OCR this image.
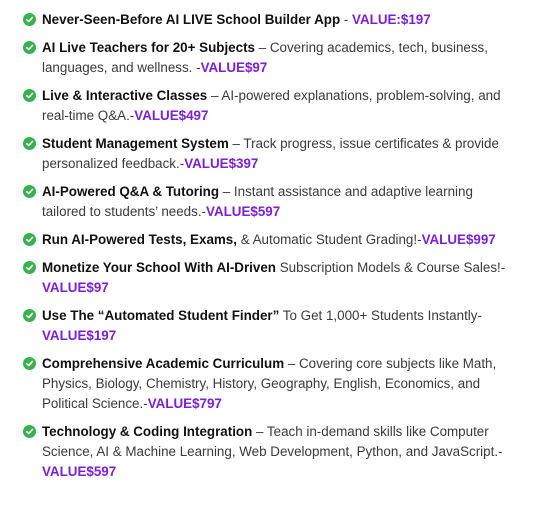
Never-Seen-Before AI LIVE School Builder App - VALUE:$197
AI Live Teachers for 20+ Subjects – Covering academics, tech, business, languages, and wellness. -VALUE$97
Live & Interactive Classes – AI-powered explanations, problem-solving, and real-time Q&A.-VALUE$497
Student Management System – Track progress, issue certificates & provide personalized feedback.-VALUE$397
AI-Powered Q&A & Tutoring – Instant assistance and adaptive learning tailored to students’ needs.-VALUE$597
Run AI-Powered Tests, Exams, & Automatic Student Grading!-VALUE$997
Monetize Your School With AI-Driven Subscription Models & Course Sales!-VALUE$97
Use The “Automated Student Finder” To Get 1,000+ Students Instantly-VALUE$197
Comprehensive Academic Curriculum – Covering core subjects like Math, Physics, Biology, Chemistry, History, Geography, English, Economics, and Political Science.-VALUE$797
Technology & Coding Integration – Teach in-demand skills like Computer Science, AI & Machine Learning, Web Development, Python, and JavaScript.-VALUE$597
